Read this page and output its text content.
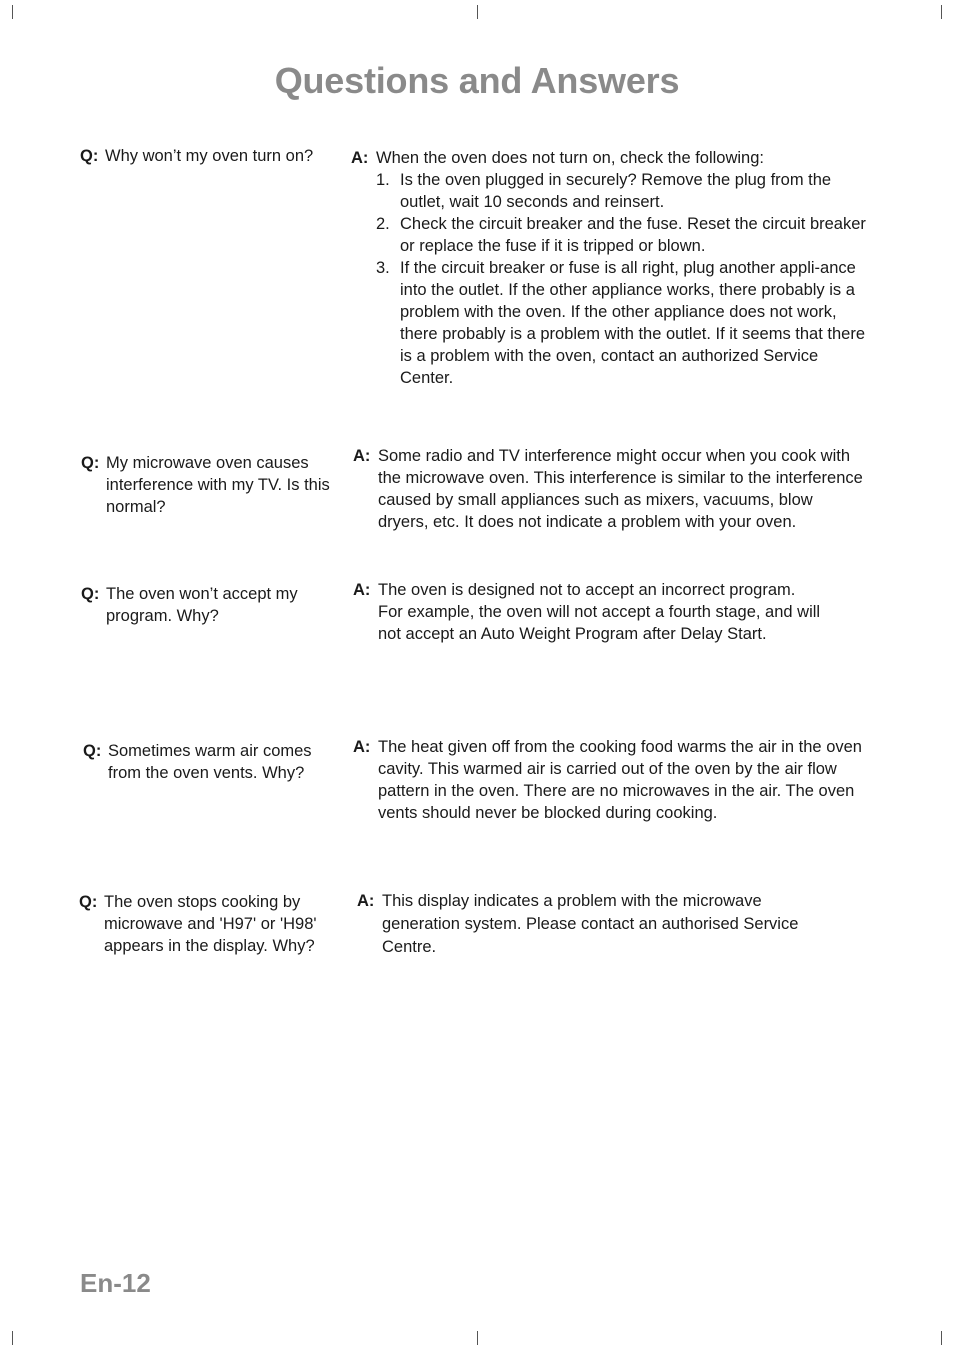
Questions and Answers
Q: Why won’t my oven turn on?	A: When the oven does not turn on, check the following:
1. Is the oven plugged in securely? Remove the plug from the outlet, wait 10 seconds and reinsert.
2. Check the circuit breaker and the fuse. Reset the circuit breaker or replace the fuse if it is tripped or blown.
3. If the circuit breaker or fuse is all right, plug another appli-ance into the outlet. If the other appliance works, there probably is a problem with the oven. If the other appliance does not work, there probably is a problem with the outlet. If it seems that there is a problem with the oven, contact an authorized Service Center.
Q: My microwave oven causes interference with my TV. Is this normal?
A: Some radio and TV interference might occur when you cook with the microwave oven. This interference is similar to the interference caused by small appliances such as mixers, vacuums, blow dryers, etc. It does not indicate a problem with your oven.
Q: The oven won’t accept my program. Why?
A: The oven is designed not to accept an incorrect program. For example, the oven will not accept a fourth stage, and will not accept an Auto Weight Program after Delay Start.
Q: Sometimes warm air comes from the oven vents. Why?
A: The heat given off from the cooking food warms the air in the oven cavity. This warmed air is carried out of the oven by the air flow pattern in the oven. There are no microwaves in the air. The oven vents should never be blocked during cooking.
Q: The oven stops cooking by microwave and 'H97' or 'H98' appears in the display. Why?
A: This display indicates a problem with the microwave generation system. Please contact an authorised Service Centre.
En-12
